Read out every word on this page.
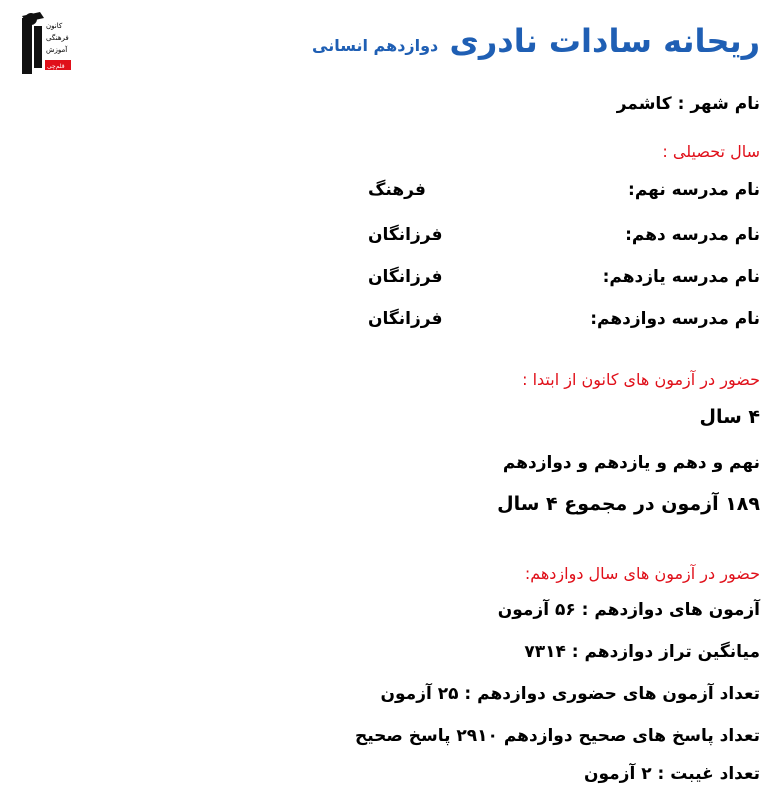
کانون
فرهنگی
آموزش
قلم‌چی
ریحانه سادات نادری
دوازدهم انسانی
نام شهر : کاشمر
سال تحصیلی :
نام مدرسه نهم:
فرهنگ
نام مدرسه دهم:
فرزانگان
نام مدرسه یازدهم:
فرزانگان
نام مدرسه دوازدهم:
فرزانگان
حضور در آزمون های کانون از ابتدا :
۴ سال
نهم و دهم و یازدهم و دوازدهم
۱۸۹ آزمون در مجموع ۴ سال
حضور در آزمون های سال دوازدهم:
آزمون های دوازدهم : ۵۶ آزمون
میانگین تراز دوازدهم : ۷۳۱۴
تعداد آزمون های حضوری دوازدهم : ۲۵ آزمون
تعداد پاسخ های صحیح دوازدهم ۲۹۱۰ پاسخ صحیح
تعداد غیبت : ۲ آزمون
